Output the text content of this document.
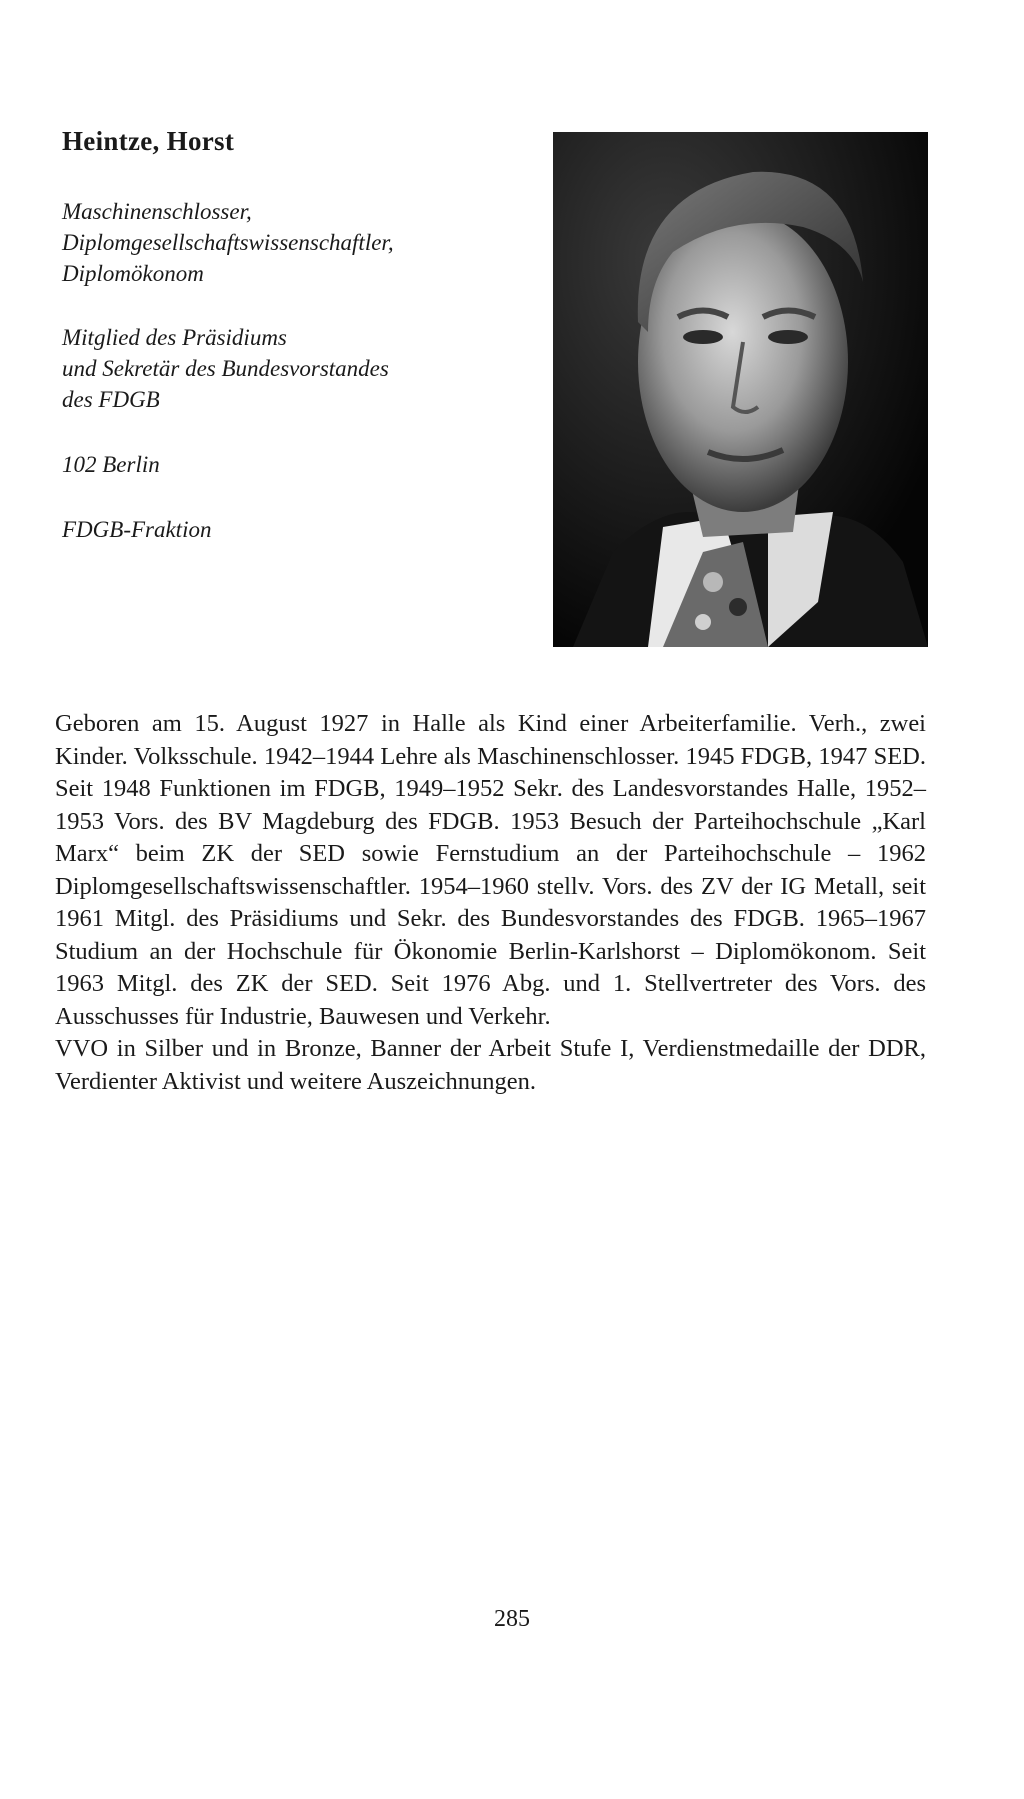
Heintze, Horst
Maschinenschlosser,
Diplomgesellschaftswissenschaftler,
Diplomökonom
Mitglied des Präsidiums
und Sekretär des Bundesvorstandes
des FDGB
102 Berlin
FDGB-Fraktion

Geboren am 15. August 1927 in Halle als Kind einer Arbeiterfamilie. Verh., zwei Kinder. Volksschule. 1942–1944 Lehre als Maschinenschlosser. 1945 FDGB, 1947 SED. Seit 1948 Funktionen im FDGB, 1949–1952 Sekr. des Landesvorstandes Halle, 1952–1953 Vors. des BV Magdeburg des FDGB. 1953 Besuch der Parteihochschule „Karl Marx“ beim ZK der SED sowie Fernstudium an der Parteihochschule – 1962 Diplomgesellschaftswissenschaftler. 1954–1960 stellv. Vors. des ZV der IG Metall, seit 1961 Mitgl. des Präsidiums und Sekr. des Bundesvorstandes des FDGB. 1965–1967 Studium an der Hochschule für Ökonomie Berlin-Karlshorst – Diplomökonom. Seit 1963 Mitgl. des ZK der SED. Seit 1976 Abg. und 1. Stellvertreter des Vors. des Ausschusses für Industrie, Bauwesen und Verkehr.

VVO in Silber und in Bronze, Banner der Arbeit Stufe I, Verdienstmedaille der DDR, Verdienter Aktivist und weitere Auszeichnungen.

285
